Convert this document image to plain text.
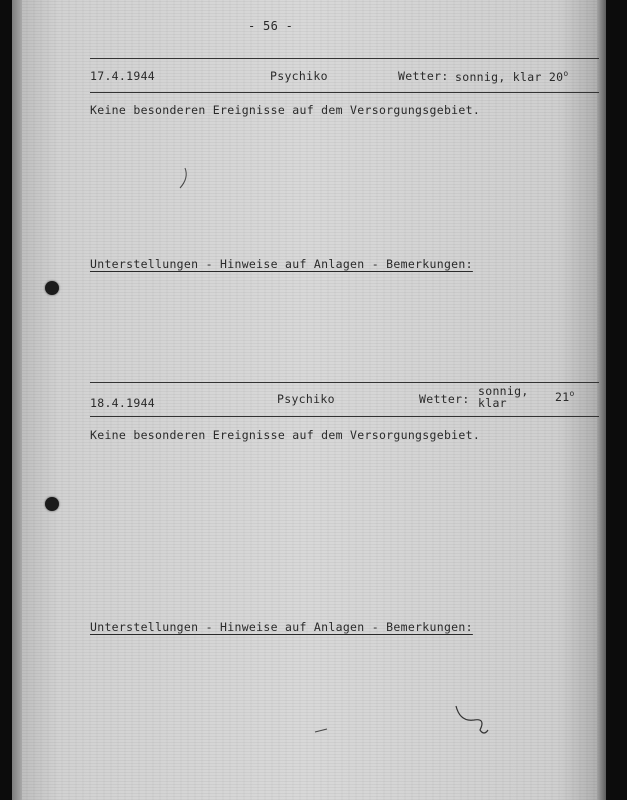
- 56 -
17.4.1944	Psychiko	Wetter: sonnig, klar 20$^o$
Keine besonderen Ereignisse auf dem Versorgungsgebiet.
Unterstellungen - Hinweise auf Anlagen - Bemerkungen:
18.4.1944	Psychiko	Wetter:
sonnig,
klar	21$^o$
Keine besonderen Ereignisse auf dem Versorgungsgebiet.
Unterstellungen - Hinweise auf Anlagen - Bemerkungen:
